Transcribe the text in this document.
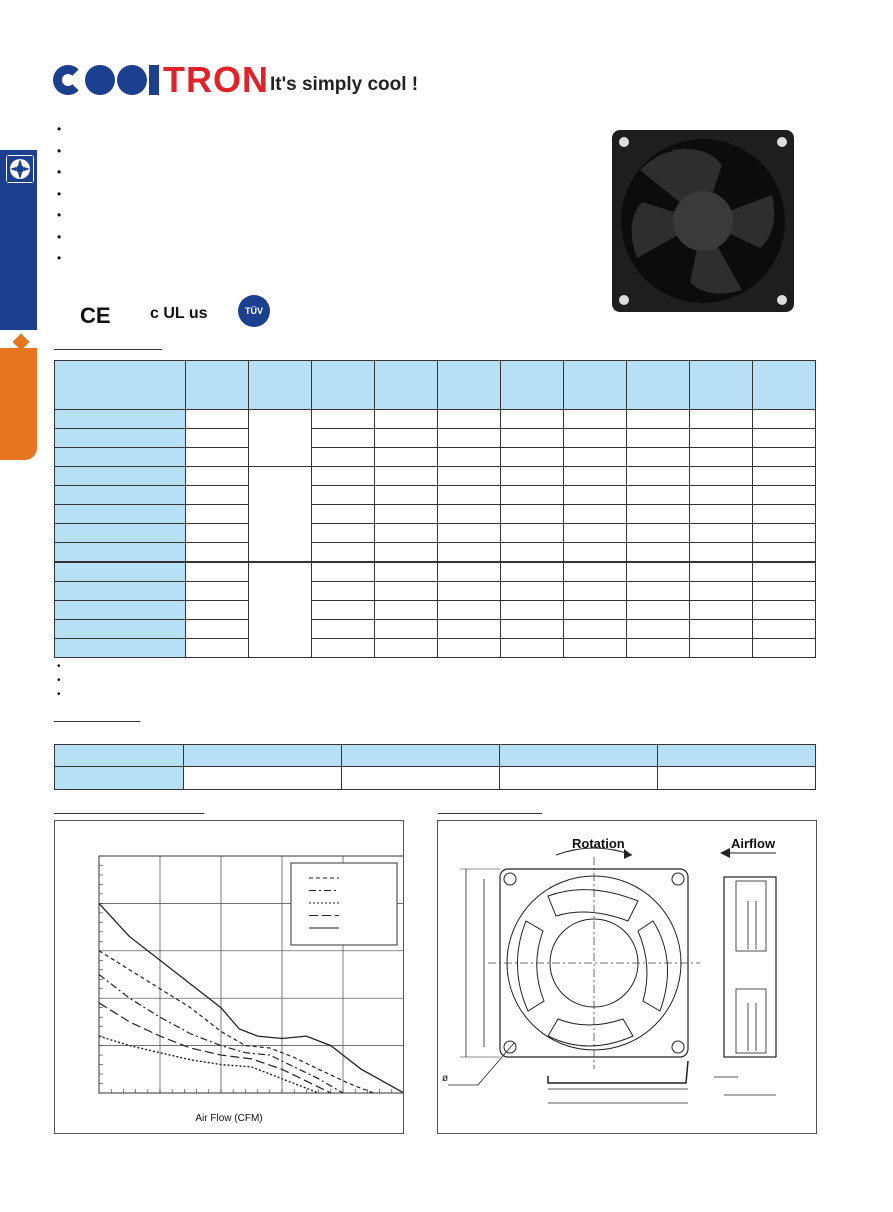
TRON It's simply cool !
•
•
•
•
•
•
•
CE c UL us	TÜV

•
•
•

Air Flow (CFM)
Rotation	Airflow
ø
